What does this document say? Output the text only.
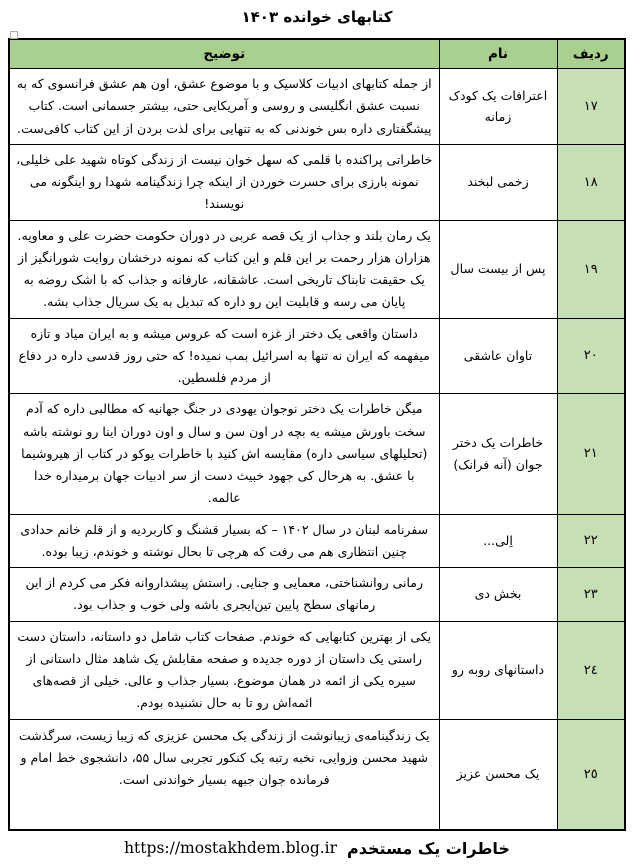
کتابهای خوانده ۱۴۰۳
ردیف	نام	توضیح
۱۷	اعترافات یک کودک زمانه	از جمله کتابهای ادبیات کلاسیک و با موضوع عشق، اون هم عشق فرانسوی که به نسبت عشق انگلیسی و روسی و آمریکایی حتی، بیشتر جسمانی است. کتاب پیشگفتاری داره بس خوندنی که به تنهایی برای لذت بردن از این کتاب کافی‌ست.
۱۸	زخمی لبخند	خاطراتی پراکنده با قلمی که سهل خوان نیست از زندگی کوتاه شهید علی خلیلی، نمونه بارزی برای حسرت خوردن از اینکه چرا زندگینامه شهدا رو اینگونه می نویسند!
۱۹	پس از بیست سال	یک رمان بلند و جذاب از یک قصه عربی در دوران حکومت حضرت علی و معاویه. هزاران هزار رحمت بر این قلم و این کتاب که نمونه درخشان روایت شورانگیز از یک حقیقت تابناک تاریخی است. عاشقانه، عارفانه و جذاب که با اشک روضه به پایان می رسه و قابلیت این رو داره که تبدیل به یک سریال جذاب بشه.
۲۰	تاوان عاشقی	داستان واقعی یک دختر از غزه است که عروس میشه و به ایران میاد و تازه میفهمه که ایران نه تنها به اسرائیل بمب نمیده! که حتی روز قدسی داره در دفاع از مردم فلسطین.
۲۱	خاطرات یک دختر جوان (آنه فرانک)	میگن خاطرات یک دختر نوجوان یهودی در جنگ جهانیه که مطالبی داره که آدم سخت باورش میشه یه بچه در اون سن و سال و اون دوران اینا رو نوشته باشه (تحلیلهای سیاسی داره) مقایسه اش کنید با خاطرات یوکو در کتاب از هیروشیما با عشق. به هرحال کی جهود خبیث دست از سر ادبیات جهان برمیداره خدا عالمه.
۲۲	اِلی...	سفرنامه لبنان در سال ۱۴۰۲ – که بسیار قشنگ و کاربردیه و از قلم خانم حدادی چنین انتظاری هم می رفت که هرچی تا بحال نوشته و خوندم، زیبا بوده.
۲۳	بخش دی	رمانی روانشناختی، معمایی و جنایی. راستش پیشداروانه فکر می کردم از این رمانهای سطح پایین تین‌ایجری باشه ولی خوب و جذاب بود.
۲٤	داستانهای روبه رو	یکی از بهترین کتابهایی که خوندم. صفحات کتاب شامل دو داستانه، داستان دست راستی یک داستان از دوره جدیده و صفحه مقابلش یک شاهد مثال داستانی از سیره یکی از ائمه در همان موضوع. بسیار جذاب و عالی. خیلی از قصه‌های ائمه‌اش رو تا به حال نشنیده بودم.
۲٥	یک محسن عزیز	یک زندگینامه‌ی زیبانوشت از زندگی یک محسن عزیزی که زیبا زیست، سرگذشت شهید محسن وزوایی، نخبه رتبه یک کنکور تجربی سال ۵۵، دانشجوی خط امام و فرمانده جوان جبهه بسیار خواندنی است.
خاطرات یک مستخدم
https://mostakhdem.blog.ir
